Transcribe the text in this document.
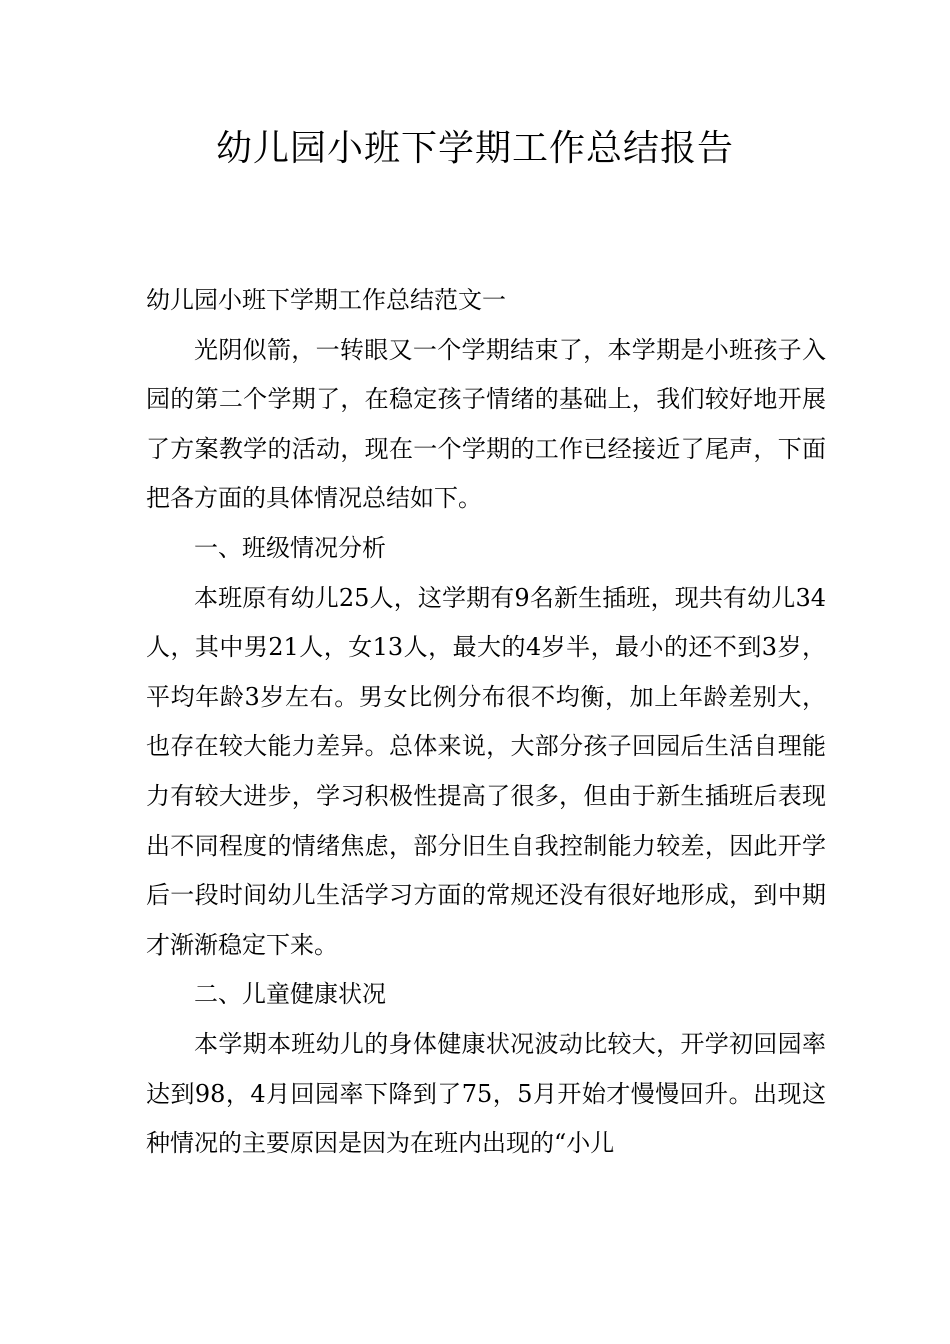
幼儿园小班下学期工作总结报告

幼儿园小班下学期工作总结范文一

光阴似箭，一转眼又一个学期结束了，本学期是小班孩子入园的第二个学期了，在稳定孩子情绪的基础上，我们较好地开展了方案教学的活动，现在一个学期的工作已经接近了尾声，下面把各方面的具体情况总结如下。

一、班级情况分析

本班原有幼儿25人，这学期有9名新生插班，现共有幼儿34人，其中男21人，女13人，最大的4岁半，最小的还不到3岁，平均年龄3岁左右。男女比例分布很不均衡，加上年龄差别大，也存在较大能力差异。总体来说，大部分孩子回园后生活自理能力有较大进步，学习积极性提高了很多，但由于新生插班后表现出不同程度的情绪焦虑，部分旧生自我控制能力较差，因此开学后一段时间幼儿生活学习方面的常规还没有很好地形成，到中期才渐渐稳定下来。

二、儿童健康状况

本学期本班幼儿的身体健康状况波动比较大，开学初回园率达到98，4月回园率下降到了75，5月开始才慢慢回升。出现这种情况的主要原因是因为在班内出现的“小儿
